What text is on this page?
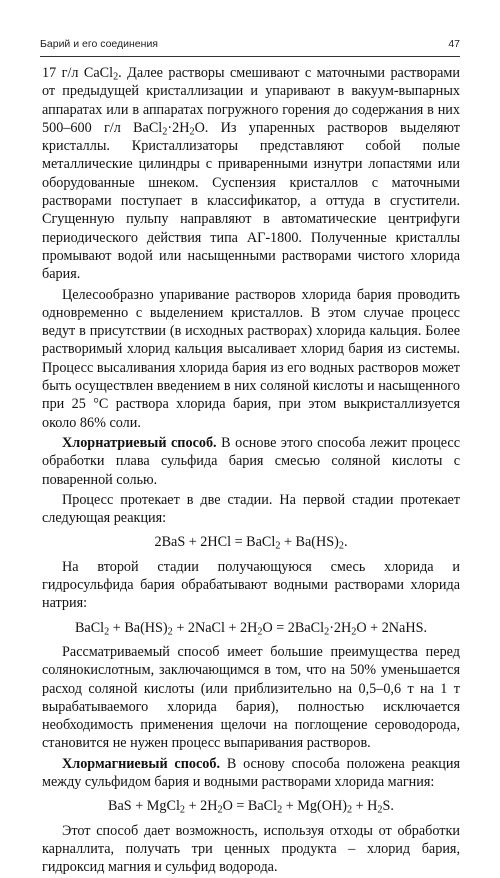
Барий и его соединения	47

17 г/л CaCl$_2$. Далее растворы смешивают с маточными растворами от предыдущей кристаллизации и упаривают в вакуум-выпарных аппаратах или в аппаратах погружного горения до содержания в них 500–600 г/л $BaCl_2\cdot 2H_2O$. Из упаренных растворов выделяют кристаллы. Кристаллизаторы представляют собой полые металлические цилиндры с приваренными изнутри лопастями или оборудованные шнеком. Суспензия кристаллов с маточными растворами поступает в классификатор, а оттуда в сгустители. Сгущенную пульпу направляют в автоматические центрифуги периодического действия типа АГ-1800. Полученные кристаллы промывают водой или насыщенными растворами чистого хлорида бария.

Целесообразно упаривание растворов хлорида бария проводить одновременно с выделением кристаллов. В этом случае процесс ведут в присутствии (в исходных растворах) хлорида кальция. Более растворимый хлорид кальция высаливает хлорид бария из системы. Процесс высаливания хлорида бария из его водных растворов может быть осуществлен введением в них соляной кислоты и насыщенного при 25 °С раствора хлорида бария, при этом выкристаллизуется около 86% соли.

Хлорнатриевый способ. В основе этого способа лежит процесс обработки плава сульфида бария смесью соляной кислоты с поваренной солью.

Процесс протекает в две стадии. На первой стадии протекает следующая реакция:

2BaS + 2HCl = BaCl$_2$ + $Ba(HS)_2$.

На второй стадии получающуюся смесь хлорида и гидросульфида бария обрабатывают водными растворами хлорида натрия:

BaCl$_2$ + $Ba(HS)_2$ + 2NaCl + $2H_2O$ = $2BaCl_2\cdot 2H_2O$ + 2NaHS.

Рассматриваемый способ имеет большие преимущества перед солянокислотным, заключающимся в том, что на 50% уменьшается расход соляной кислоты (или приблизительно на 0,5–0,6 т на 1 т вырабатываемого хлорида бария), полностью исключается необходимость применения щелочи на поглощение сероводорода, становится не нужен процесс выпаривания растворов.

Хлормагниевый способ. В основу способа положена реакция между сульфидом бария и водными растворами хлорида магния:

BaS + MgCl$_2$ + $2H_2O$ = BaCl$_2$ + $Mg(OH)_2 + H_2S$.

Этот способ дает возможность, используя отходы от обработки карналлита, получать три ценных продукта – хлорид бария, гидроксид магния и сульфид водорода.
